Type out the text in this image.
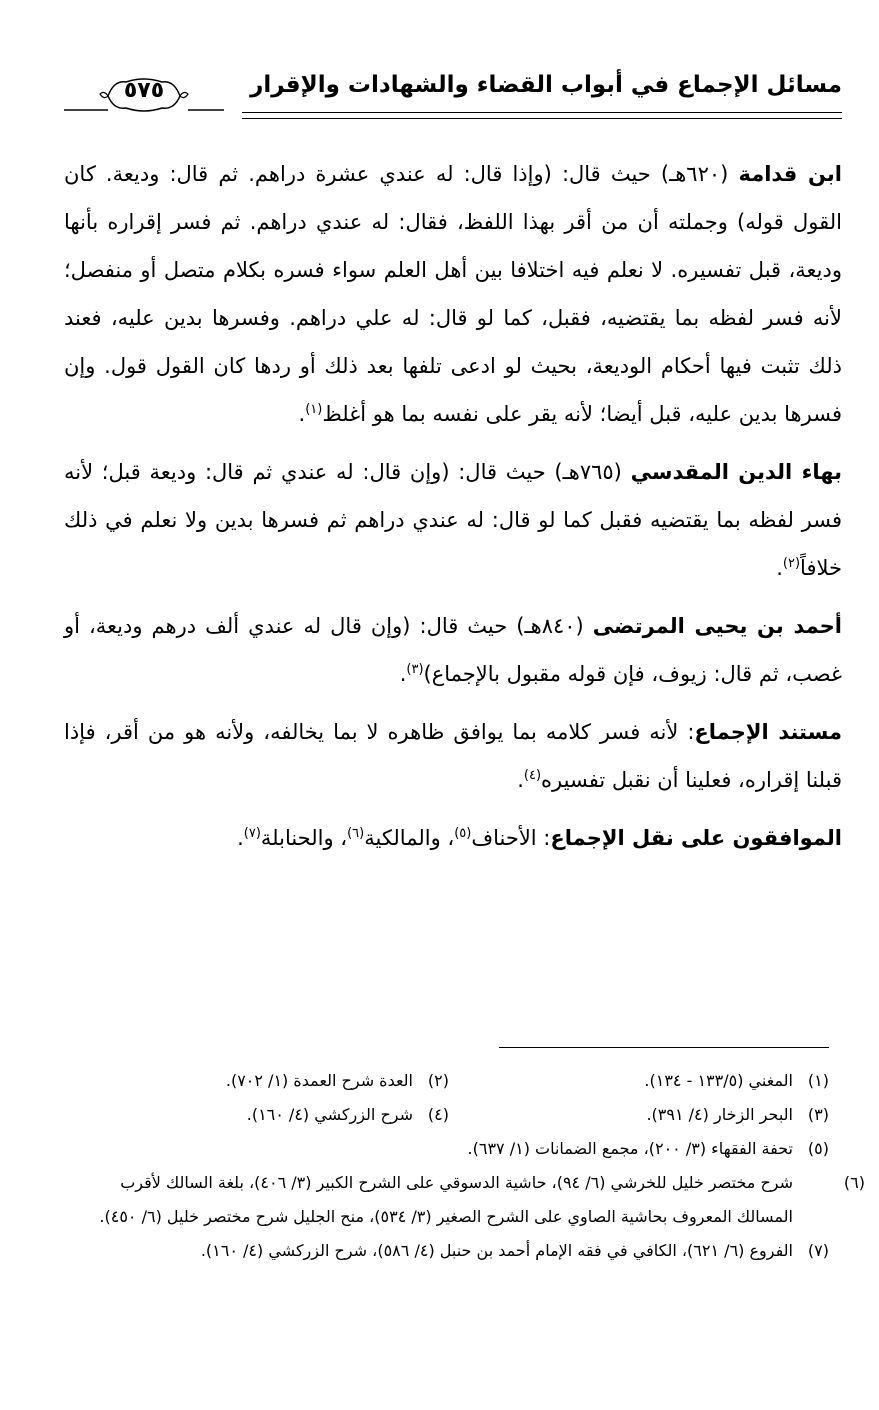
مسائل الإجماع في أبواب القضاء والشهادات والإقرار
٥٧٥

ابن قدامة (٦٢٠هـ) حيث قال: (وإذا قال: له عندي عشرة دراهم. ثم قال: وديعة. كان القول قوله) وجملته أن من أقر بهذا اللفظ، فقال: له عندي دراهم. ثم فسر إقراره بأنها وديعة، قبل تفسيره. لا نعلم فيه اختلافا بين أهل العلم سواء فسره بكلام متصل أو منفصل؛ لأنه فسر لفظه بما يقتضيه، فقبل، كما لو قال: له علي دراهم. وفسرها بدين عليه، فعند ذلك تثبت فيها أحكام الوديعة، بحيث لو ادعى تلفها بعد ذلك أو ردها كان القول قول. وإن فسرها بدين عليه، قبل أيضا؛ لأنه يقر على نفسه بما هو أغلظ$^{(١)}$.

بهاء الدين المقدسي (٧٦٥هـ) حيث قال: (وإن قال: له عندي ثم قال: وديعة قبل؛ لأنه فسر لفظه بما يقتضيه فقبل كما لو قال: له عندي دراهم ثم فسرها بدين ولا نعلم في ذلك خلافاً$^{(٢)}$.

أحمد بن يحيى المرتضى (٨٤٠هـ) حيث قال: (وإن قال له عندي ألف درهم وديعة، أو غصب، ثم قال: زيوف، فإن قوله مقبول بالإجماع)$^{(٣)}$.

مستند الإجماع: لأنه فسر كلامه بما يوافق ظاهره لا بما يخالفه، ولأنه هو من أقر، فإذا قبلنا إقراره، فعلينا أن نقبل تفسيره$^{(٤)}$.

الموافقون على نقل الإجماع: الأحناف$^{(٥)}$، والمالكية$^{(٦)}$، والحنابلة$^{(٧)}$.

(١)المغني (١٣٣/٥ - ١٣٤).
(٢)العدة شرح العمدة (١/ ٧٠٢).
(٣)البحر الزخار (٤/ ٣٩١).
(٤)شرح الزركشي (٤/ ١٦٠).

(٥)تحفة الفقهاء (٣/ ٢٠٠)، مجمع الضمانات (١/ ٦٣٧).

(٦)شرح مختصر خليل للخرشي (٦/ ٩٤)، حاشية الدسوقي على الشرح الكبير (٣/ ٤٠٦)، بلغة السالك لأقرب المسالك المعروف بحاشية الصاوي على الشرح الصغير (٣/ ٥٣٤)، منح الجليل شرح مختصر خليل (٦/ ٤٥٠).

(٧)الفروع (٦/ ٦٢١)، الكافي في فقه الإمام أحمد بن حنبل (٤/ ٥٨٦)، شرح الزركشي (٤/ ١٦٠).
